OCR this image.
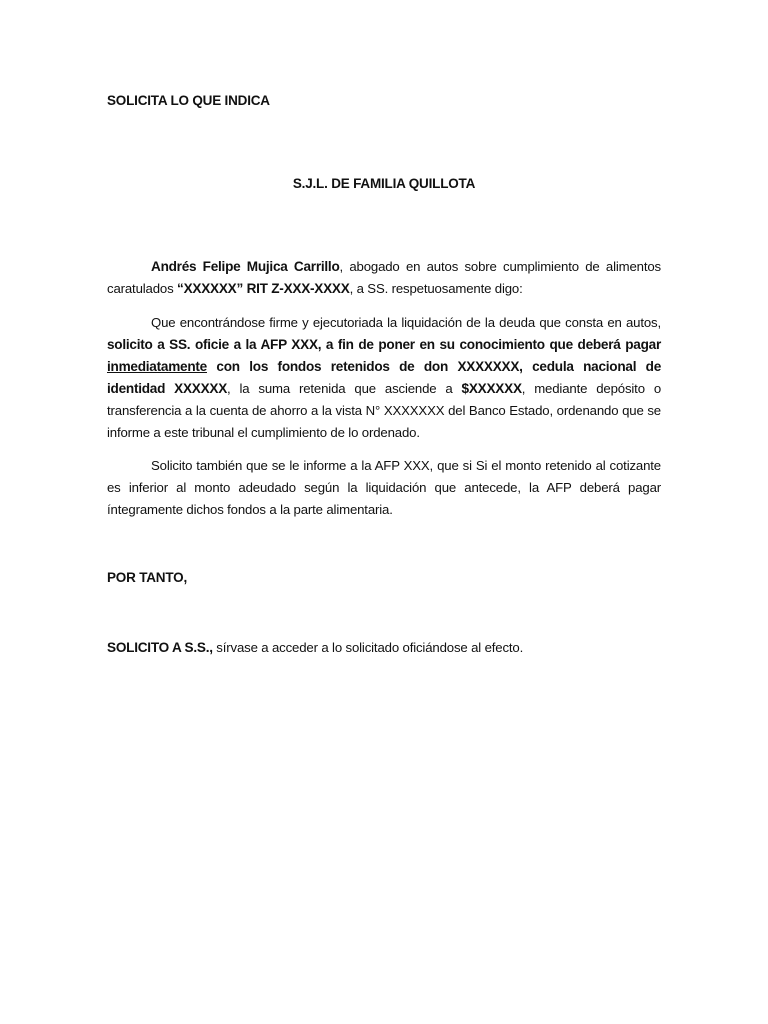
SOLICITA LO QUE INDICA

S.J.L. DE FAMILIA QUILLOTA

Andrés Felipe Mujica Carrillo, abogado en autos sobre cumplimiento de alimentos caratulados “XXXXXX” RIT Z-XXX-XXXX, a SS. respetuosamente digo:

Que encontrándose firme y ejecutoriada la liquidación de la deuda que consta en autos, solicito a SS. oficie a la AFP XXX, a fin de poner en su conocimiento que deberá pagar inmediatamente con los fondos retenidos de don XXXXXXX, cedula nacional de identidad XXXXXX, la suma retenida que asciende a $XXXXXX, mediante depósito o transferencia a la cuenta de ahorro a la vista N° XXXXXXX del Banco Estado, ordenando que se informe a este tribunal el cumplimiento de lo ordenado.

Solicito también que se le informe a la AFP XXX, que si Si el monto retenido al cotizante es inferior al monto adeudado según la liquidación que antecede, la AFP deberá pagar íntegramente dichos fondos a la parte alimentaria.

POR TANTO,

SOLICITO A S.S., sírvase a acceder a lo solicitado oficiándose al efecto.
